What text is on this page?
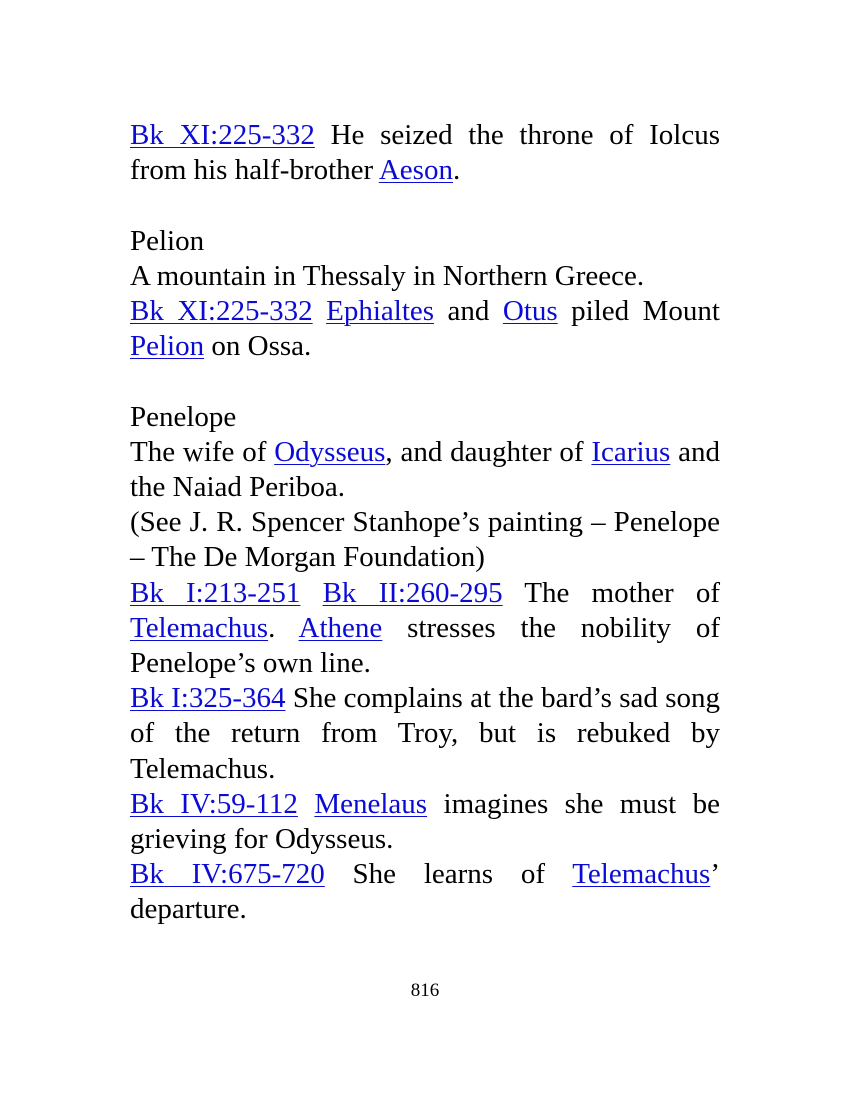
Bk XI:225-332 He seized the throne of Iolcus from his half-brother Aeson.

Pelion

A mountain in Thessaly in Northern Greece.

Bk XI:225-332 Ephialtes and Otus piled Mount Pelion on Ossa.

Penelope

The wife of Odysseus, and daughter of Icarius and the Naiad Periboa.

(See J. R. Spencer Stanhope’s painting – Penelope – The De Morgan Foundation)

Bk I:213-251 Bk II:260-295 The mother of Telemachus. Athene stresses the nobility of Penelope’s own line.

Bk I:325-364 She complains at the bard’s sad song of the return from Troy, but is rebuked by Telemachus.

Bk IV:59-112 Menelaus imagines she must be grieving for Odysseus.

Bk IV:675-720 She learns of Telemachus’ departure.

816
